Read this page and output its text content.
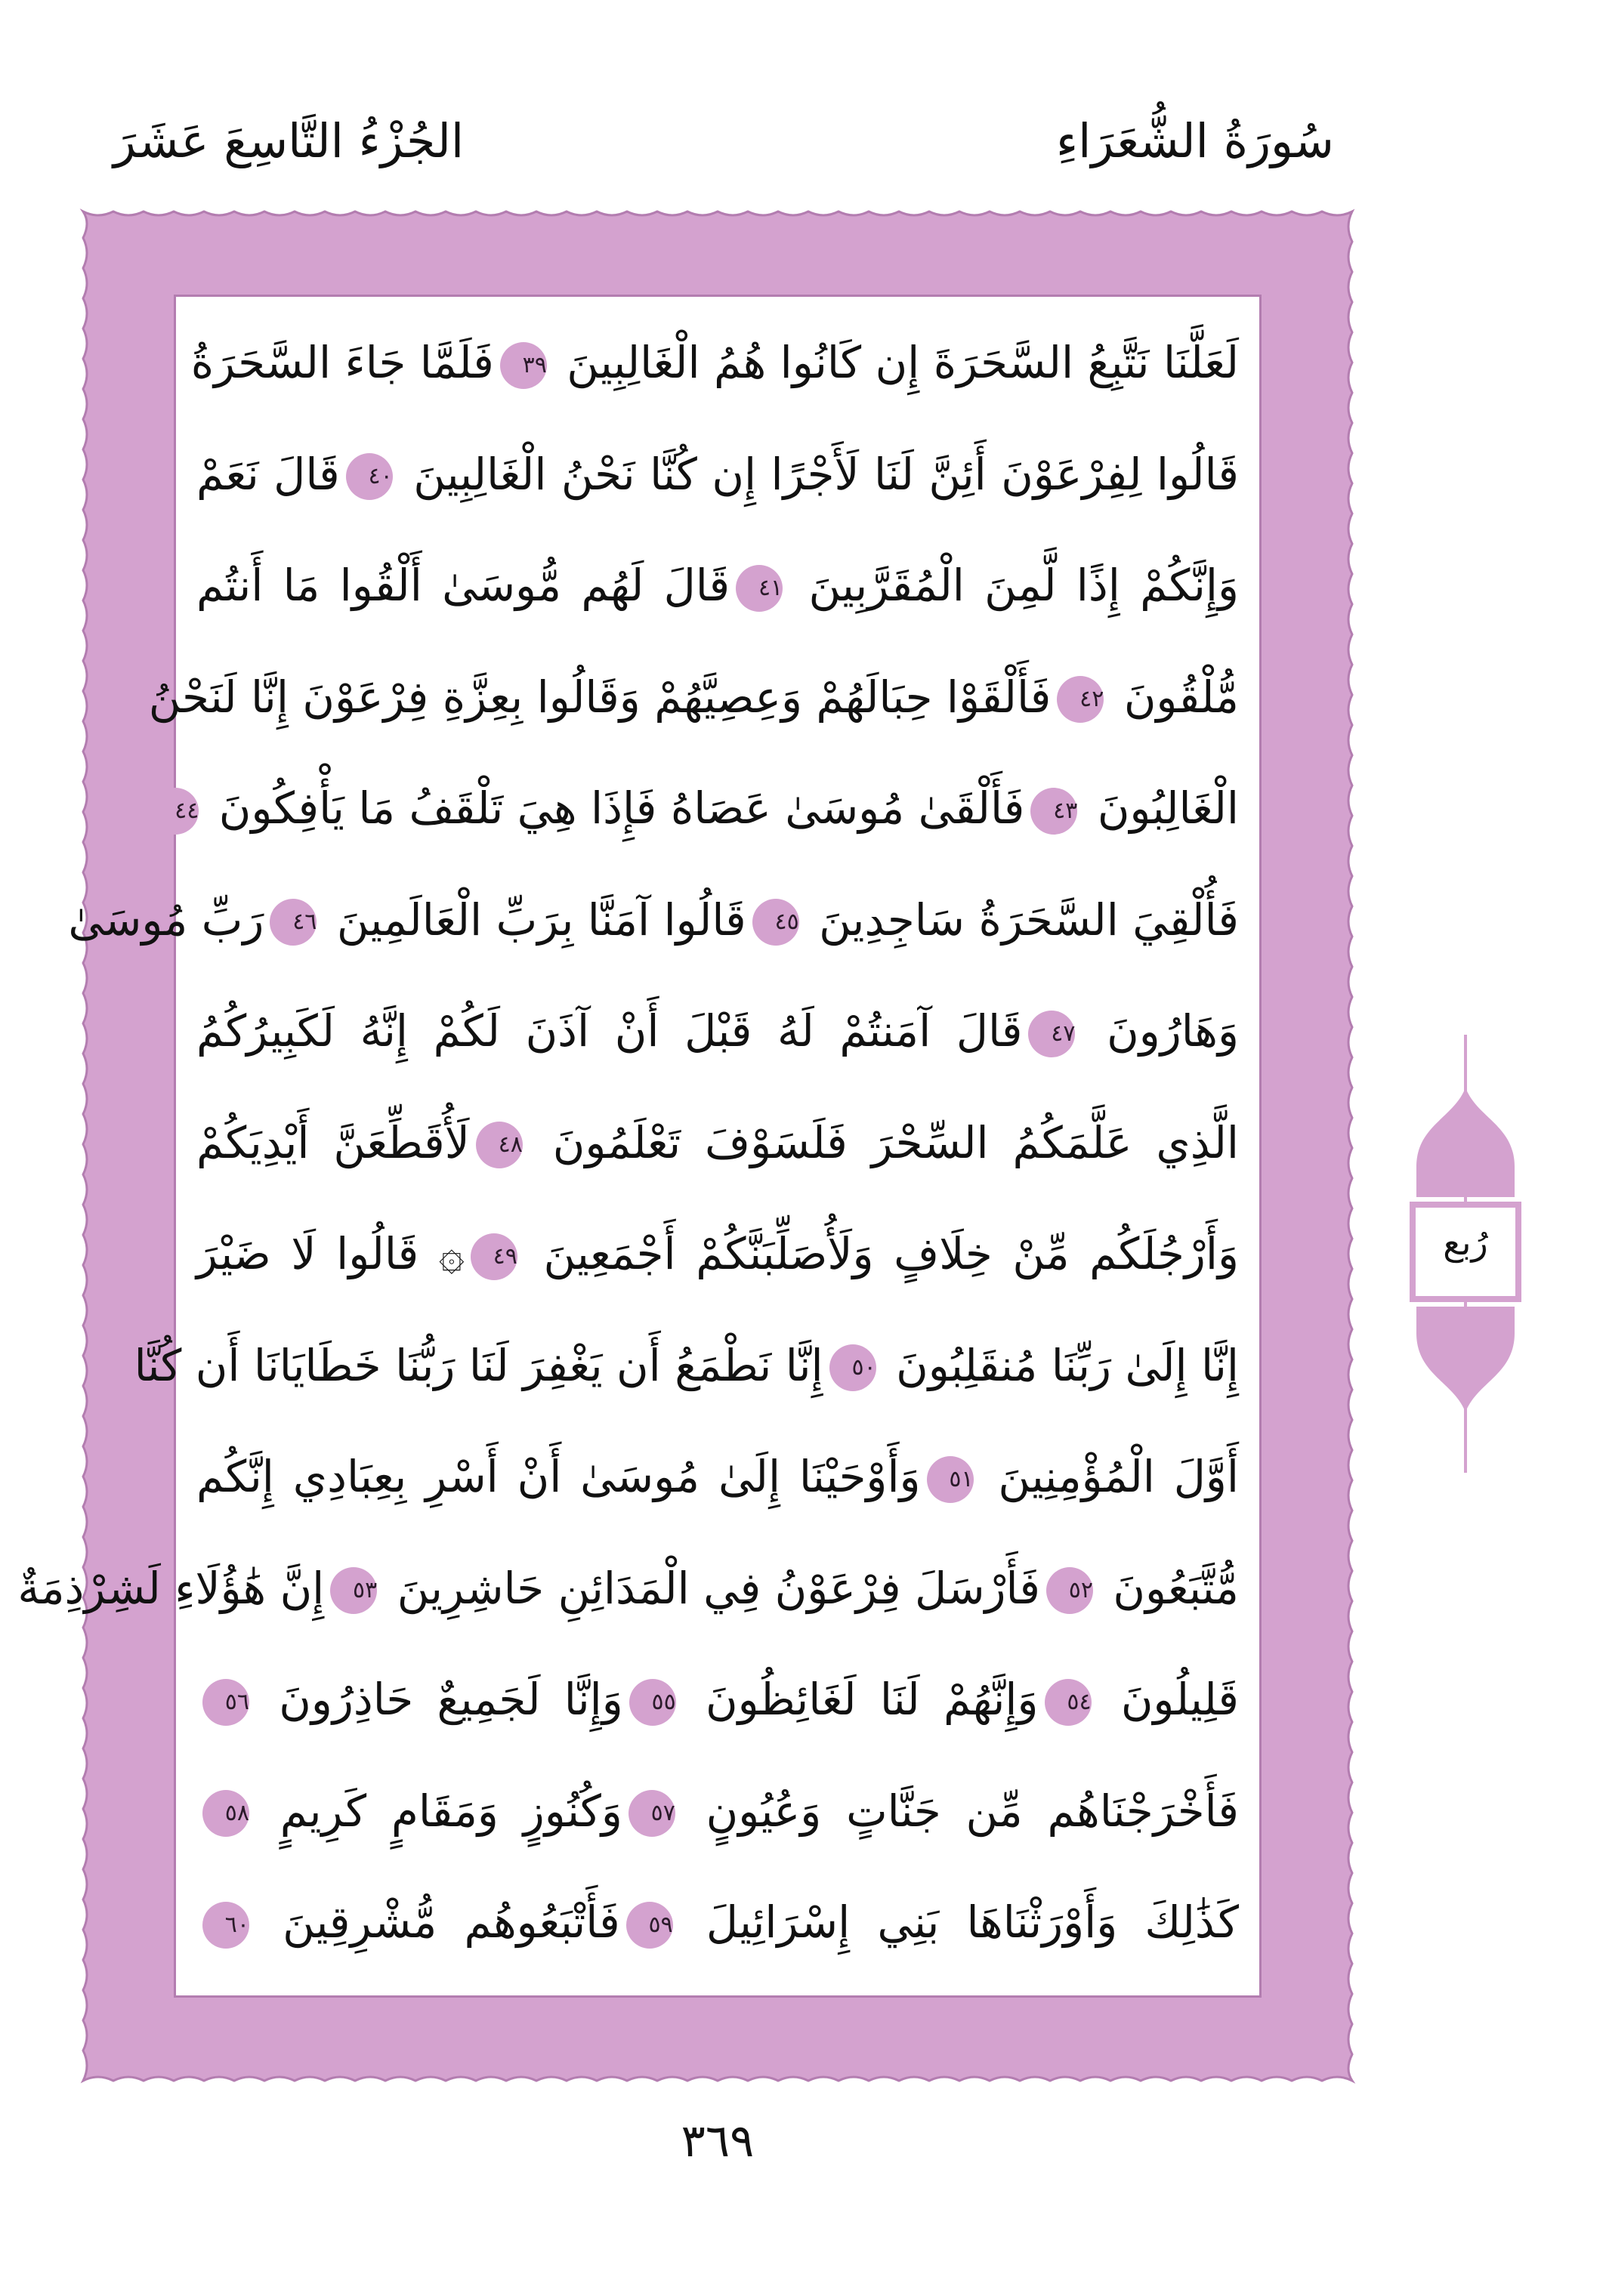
سُورَةُ الشُّعَرَاءِ
الجُزْءُ التَّاسِعَ عَشَرَ
لَعَلَّنَا نَتَّبِعُ السَّحَرَةَ إِن كَانُوا هُمُ الْغَالِبِينَ ٣٩فَلَمَّا جَاءَ السَّحَرَةُ
قَالُوا لِفِرْعَوْنَ أَئِنَّ لَنَا لَأَجْرًا إِن كُنَّا نَحْنُ الْغَالِبِينَ ٤٠قَالَ نَعَمْ
وَإِنَّكُمْ إِذًا لَّمِنَ الْمُقَرَّبِينَ ٤١قَالَ لَهُم مُّوسَىٰ أَلْقُوا مَا أَنتُم
مُّلْقُونَ ٤٢فَأَلْقَوْا حِبَالَهُمْ وَعِصِيَّهُمْ وَقَالُوا بِعِزَّةِ فِرْعَوْنَ إِنَّا لَنَحْنُ
الْغَالِبُونَ ٤٣فَأَلْقَىٰ مُوسَىٰ عَصَاهُ فَإِذَا هِيَ تَلْقَفُ مَا يَأْفِكُونَ ٤٤
فَأُلْقِيَ السَّحَرَةُ سَاجِدِينَ ٤٥قَالُوا آمَنَّا بِرَبِّ الْعَالَمِينَ ٤٦رَبِّ مُوسَىٰ
وَهَارُونَ ٤٧قَالَ آمَنتُمْ لَهُ قَبْلَ أَنْ آذَنَ لَكُمْ إِنَّهُ لَكَبِيرُكُمُ
الَّذِي عَلَّمَكُمُ السِّحْرَ فَلَسَوْفَ تَعْلَمُونَ ٤٨لَأُقَطِّعَنَّ أَيْدِيَكُمْ
وَأَرْجُلَكُم مِّنْ خِلَافٍ وَلَأُصَلِّبَنَّكُمْ أَجْمَعِينَ ٤٩۞ قَالُوا لَا ضَيْرَ
إِنَّا إِلَىٰ رَبِّنَا مُنقَلِبُونَ ٥٠إِنَّا نَطْمَعُ أَن يَغْفِرَ لَنَا رَبُّنَا خَطَايَانَا أَن كُنَّا
أَوَّلَ الْمُؤْمِنِينَ ٥١وَأَوْحَيْنَا إِلَىٰ مُوسَىٰ أَنْ أَسْرِ بِعِبَادِي إِنَّكُم
مُّتَّبَعُونَ ٥٢فَأَرْسَلَ فِرْعَوْنُ فِي الْمَدَائِنِ حَاشِرِينَ ٥٣إِنَّ هَٰؤُلَاءِ لَشِرْذِمَةٌ
قَلِيلُونَ ٥٤وَإِنَّهُمْ لَنَا لَغَائِظُونَ ٥٥وَإِنَّا لَجَمِيعٌ حَاذِرُونَ ٥٦
فَأَخْرَجْنَاهُم مِّن جَنَّاتٍ وَعُيُونٍ ٥٧وَكُنُوزٍ وَمَقَامٍ كَرِيمٍ ٥٨
كَذَٰلِكَ وَأَوْرَثْنَاهَا بَنِي إِسْرَائِيلَ ٥٩فَأَتْبَعُوهُم مُّشْرِقِينَ ٦٠
٣٦٩
رُبع
